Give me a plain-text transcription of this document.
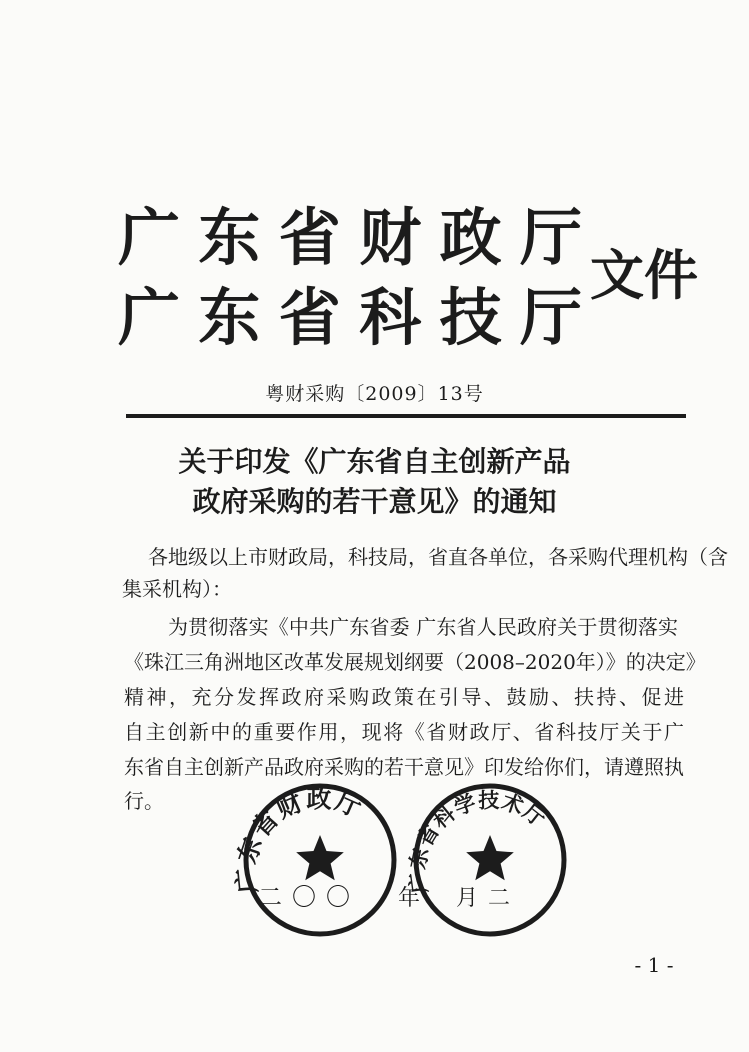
广东省财政厅
广东省科技厅
文件
粤财采购〔2009〕13号
关于印发《广东省自主创新产品
政府采购的若干意见》的通知
各地级以上市财政局，科技局，省直各单位，各采购代理机构（含
集采机构）：
为贯彻落实《中共广东省委 广东省人民政府关于贯彻落实
《珠江三角洲地区改革发展规划纲要（2008–2020年）》的决定》
精神，充分发挥政府采购政策在引导、鼓励、扶持、促进
自主创新中的重要作用，现将《省财政厅、省科技厅关于广
东省自主创新产品政府采购的若干意见》印发给你们，请遵照执
行。
广东省财政厅
广东省科学技术厅
二〇〇 年 月二
- 1 -
